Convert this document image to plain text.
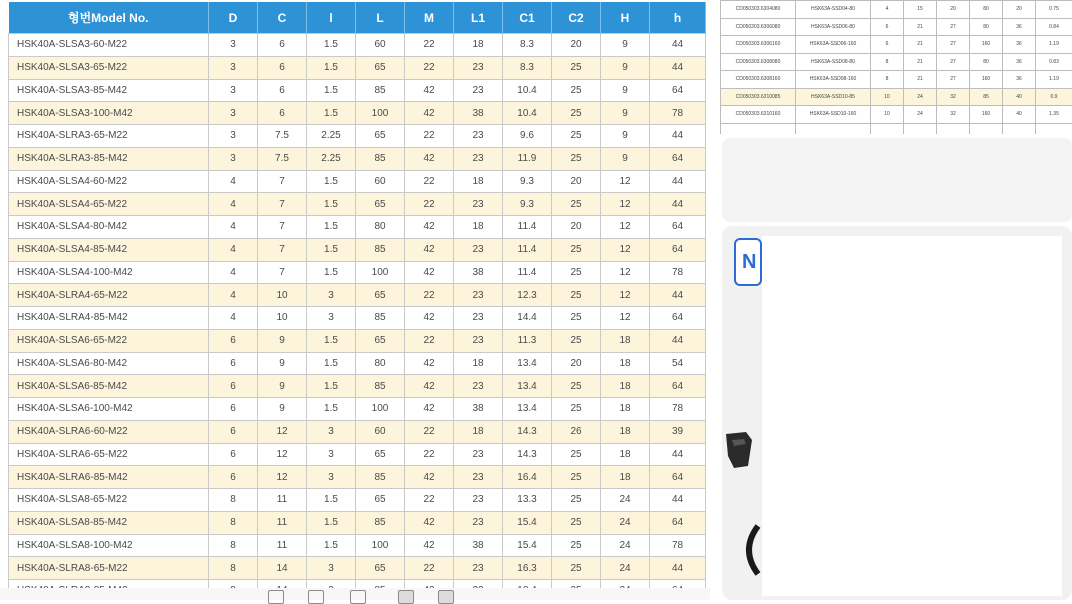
형번Model No.	D	C	l	L	M	L1	C1	C2	H	h
HSK40A-SLSA3-60-M22	3	6	1.5	60	22	18	8.3	20	9	44
HSK40A-SLSA3-65-M22	3	6	1.5	65	22	23	8.3	25	9	44
HSK40A-SLSA3-85-M42	3	6	1.5	85	42	23	10.4	25	9	64
HSK40A-SLSA3-100-M42	3	6	1.5	100	42	38	10.4	25	9	78
HSK40A-SLRA3-65-M22	3	7.5	2.25	65	22	23	9.6	25	9	44
HSK40A-SLRA3-85-M42	3	7.5	2.25	85	42	23	11.9	25	9	64
HSK40A-SLSA4-60-M22	4	7	1.5	60	22	18	9.3	20	12	44
HSK40A-SLSA4-65-M22	4	7	1.5	65	22	23	9.3	25	12	44
HSK40A-SLSA4-80-M42	4	7	1.5	80	42	18	11.4	20	12	64
HSK40A-SLSA4-85-M42	4	7	1.5	85	42	23	11.4	25	12	64
HSK40A-SLSA4-100-M42	4	7	1.5	100	42	38	11.4	25	12	78
HSK40A-SLRA4-65-M22	4	10	3	65	22	23	12.3	25	12	44
HSK40A-SLRA4-85-M42	4	10	3	85	42	23	14.4	25	12	64
HSK40A-SLSA6-65-M22	6	9	1.5	65	22	23	11.3	25	18	44
HSK40A-SLSA6-80-M42	6	9	1.5	80	42	18	13.4	20	18	54
HSK40A-SLSA6-85-M42	6	9	1.5	85	42	23	13.4	25	18	64
HSK40A-SLSA6-100-M42	6	9	1.5	100	42	38	13.4	25	18	78
HSK40A-SLRA6-60-M22	6	12	3	60	22	18	14.3	26	18	39
HSK40A-SLRA6-65-M22	6	12	3	65	22	23	14.3	25	18	44
HSK40A-SLRA6-85-M42	6	12	3	85	42	23	16.4	25	18	64
HSK40A-SLSA8-65-M22	8	11	1.5	65	22	23	13.3	25	24	44
HSK40A-SLSA8-85-M42	8	11	1.5	85	42	23	15.4	25	24	64
HSK40A-SLSA8-100-M42	8	11	1.5	100	42	38	15.4	25	24	78
HSK40A-SLRA8-65-M22	8	14	3	65	22	23	16.3	25	24	44

CD050303.6304080	HSK63A-SSD04-80	4	15	20	80	20	0.75
CD050303.6306080	HSK63A-SSD06-80	6	21	27	80	36	0.84
CD050303.6306160	HSK63A-SSD06-160	6	21	27	160	36	1.19
CD050303.6308080	HSK63A-SSD08-80	8	21	27	80	36	0.83
CD050303.6308160	HSK63A-SSD08-160	8	21	27	160	36	1.19
CD050303.6310085	HSK63A-SSD10-85	10	24	32	85	40	0.9
CD050303.6310160	HSK63A-SSD10-160	10	24	32	160	40	1.35

N
